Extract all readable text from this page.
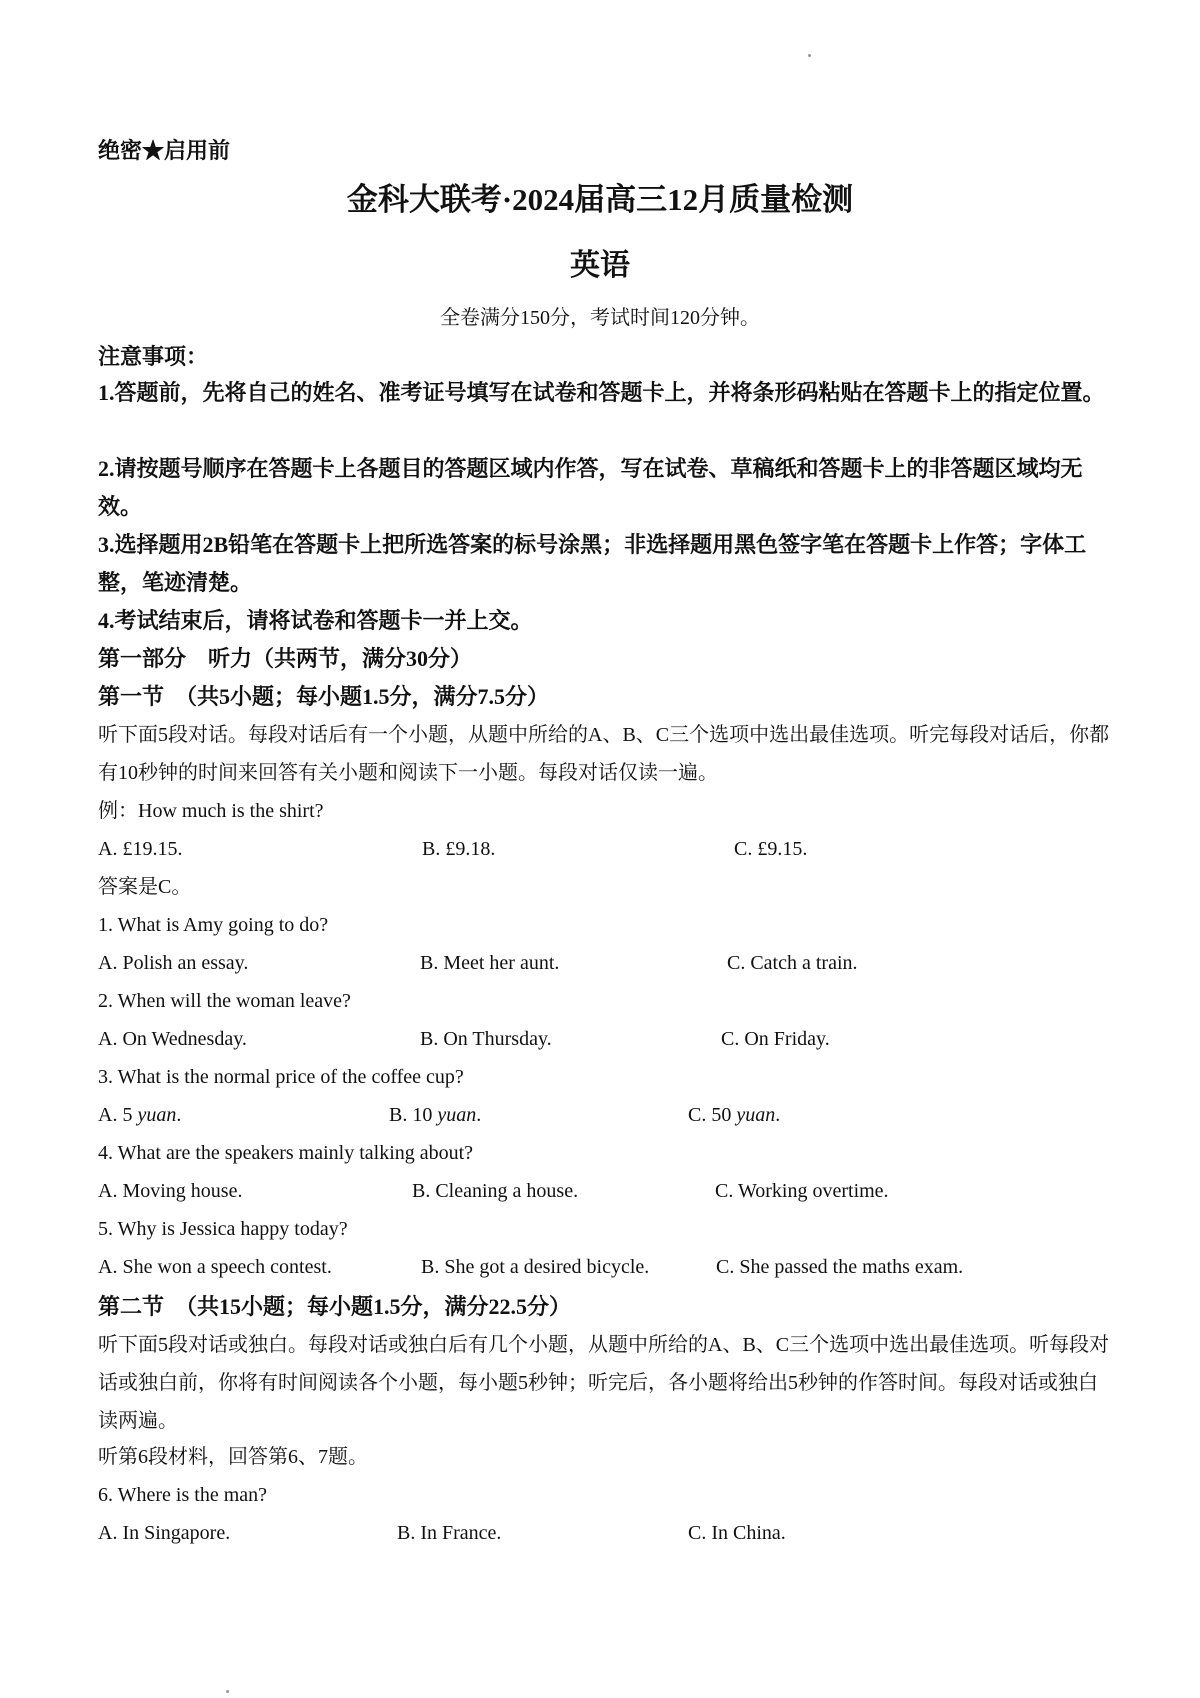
绝密★启用前
金科大联考·2024届高三12月质量检测
英语
全卷满分150分，考试时间120分钟。
注意事项：
1.答题前，先将自己的姓名、准考证号填写在试卷和答题卡上，并将条形码粘贴在答题卡上的指定位置。
2.请按题号顺序在答题卡上各题目的答题区域内作答，写在试卷、草稿纸和答题卡上的非答题区域均无效。
3.选择题用2B铅笔在答题卡上把所选答案的标号涂黑；非选择题用黑色签字笔在答题卡上作答；字体工整，笔迹清楚。
4.考试结束后，请将试卷和答题卡一并上交。
第一部分　听力（共两节，满分30分）
第一节　（共5小题；每小题1.5分，满分7.5分）
听下面5段对话。每段对话后有一个小题，从题中所给的A、B、C三个选项中选出最佳选项。听完每段对话后，你都有10秒钟的时间来回答有关小题和阅读下一小题。每段对话仅读一遍。
例：How much is the shirt?
A. £19.15.	B. £9.18.	C. £9.15.
答案是C。
1. What is Amy going to do?
A. Polish an essay.	B. Meet her aunt.	C. Catch a train.
2. When will the woman leave?
A. On Wednesday.	B. On Thursday.	C. On Friday.
3. What is the normal price of the coffee cup?
A. 5 yuan.	B. 10 yuan.	C. 50 yuan.
4. What are the speakers mainly talking about?
A. Moving house.	B. Cleaning a house.	C. Working overtime.
5. Why is Jessica happy today?
A. She won a speech contest.	B. She got a desired bicycle.	C. She passed the maths exam.
第二节　（共15小题；每小题1.5分，满分22.5分）
听下面5段对话或独白。每段对话或独白后有几个小题，从题中所给的A、B、C三个选项中选出最佳选项。听每段对话或独白前，你将有时间阅读各个小题，每小题5秒钟；听完后，各小题将给出5秒钟的作答时间。每段对话或独白读两遍。
听第6段材料，回答第6、7题。
6. Where is the man?
A. In Singapore.	B. In France.	C. In China.
